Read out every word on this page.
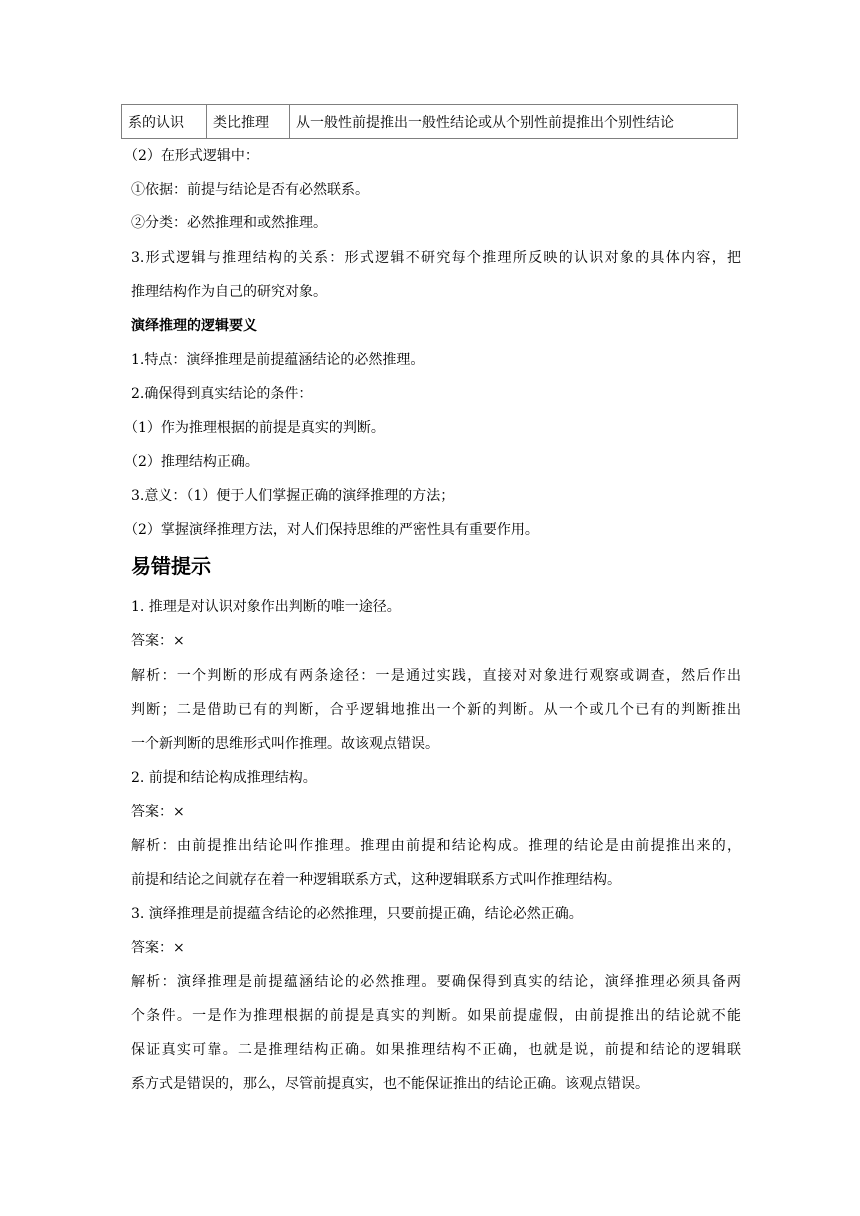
系的认识	类比推理	从一般性前提推出一般性结论或从个别性前提推出个别性结论
（2）在形式逻辑中：
①依据：前提与结论是否有必然联系。
②分类：必然推理和或然推理。
3.形式逻辑与推理结构的关系：形式逻辑不研究每个推理所反映的认识对象的具体内容，把
推理结构作为自己的研究对象。
演绎推理的逻辑要义
1.特点：演绎推理是前提蕴涵结论的必然推理。
2.确保得到真实结论的条件：
（1）作为推理根据的前提是真实的判断。
（2）推理结构正确。
3.意义：（1）便于人们掌握正确的演绎推理的方法；
（2）掌握演绎推理方法，对人们保持思维的严密性具有重要作用。
易错提示
1. 推理是对认识对象作出判断的唯一途径。
答案：×
解析：一个判断的形成有两条途径：一是通过实践，直接对对象进行观察或调查，然后作出
判断；二是借助已有的判断，合乎逻辑地推出一个新的判断。从一个或几个已有的判断推出
一个新判断的思维形式叫作推理。故该观点错误。
2. 前提和结论构成推理结构。
答案：×
解析：由前提推出结论叫作推理。推理由前提和结论构成。推理的结论是由前提推出来的，
前提和结论之间就存在着一种逻辑联系方式，这种逻辑联系方式叫作推理结构。
3. 演绎推理是前提蕴含结论的必然推理，只要前提正确，结论必然正确。
答案：×
解析：演绎推理是前提蕴涵结论的必然推理。要确保得到真实的结论，演绎推理必须具备两
个条件。一是作为推理根据的前提是真实的判断。如果前提虚假，由前提推出的结论就不能
保证真实可靠。二是推理结构正确。如果推理结构不正确，也就是说，前提和结论的逻辑联
系方式是错误的，那么，尽管前提真实，也不能保证推出的结论正确。该观点错误。
